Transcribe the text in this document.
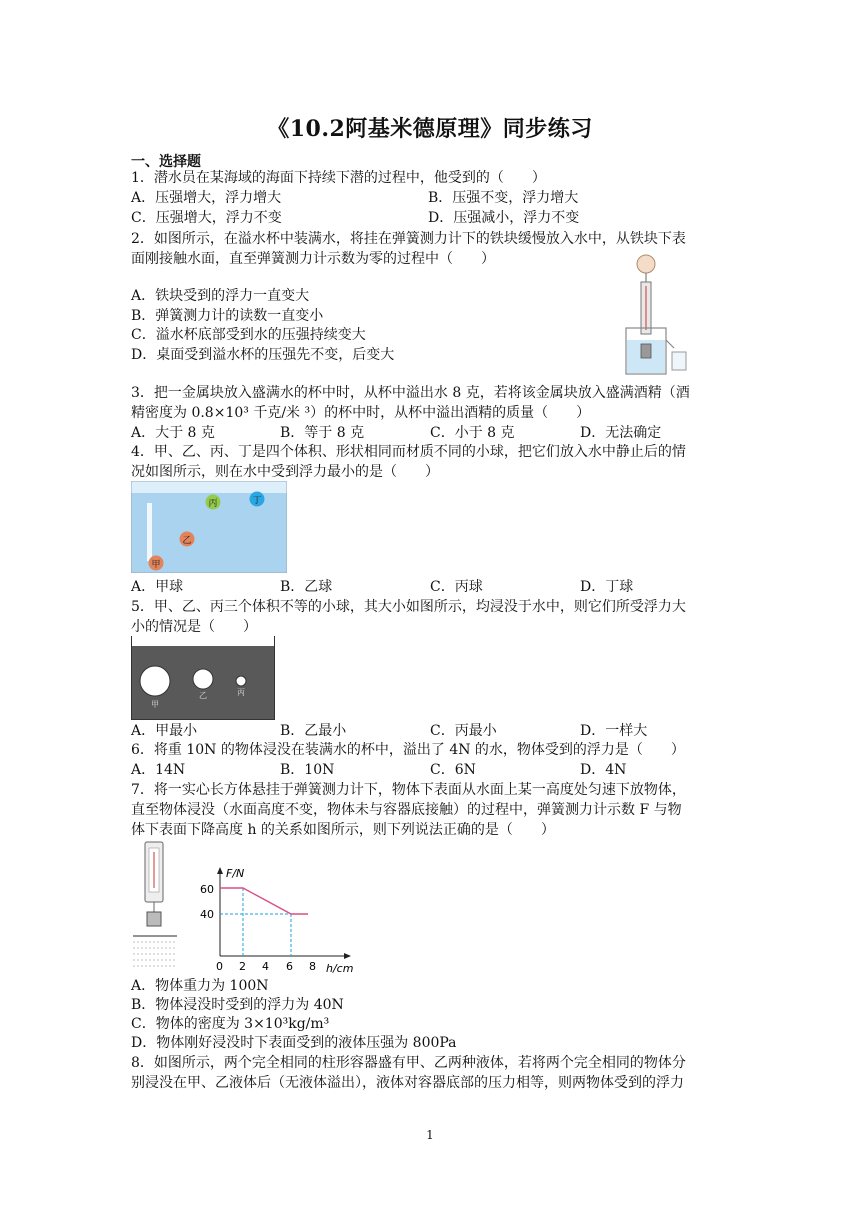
《10.2阿基米德原理》同步练习
一、选择题
1．潜水员在某海域的海面下持续下潜的过程中，他受到的（　　）
A．压强增大，浮力增大	B．压强不变，浮力增大
C．压强增大，浮力不变	D．压强减小，浮力不变
2．如图所示，在溢水杯中装满水，将挂在弹簧测力计下的铁块缓慢放入水中，从铁块下表
面刚接触水面，直至弹簧测力计示数为零的过程中（　　）
A．铁块受到的浮力一直变大
B．弹簧测力计的读数一直变小
C．溢水杯底部受到水的压强持续变大
D．桌面受到溢水杯的压强先不变，后变大
3．把一金属块放入盛满水的杯中时，从杯中溢出水 8 克，若将该金属块放入盛满酒精（酒
精密度为 0.8×10³ 千克/米 ³）的杯中时，从杯中溢出酒精的质量（　　）
A．大于 8 克	B．等于 8 克	C．小于 8 克	D．无法确定
4．甲、乙、丙、丁是四个体积、形状相同而材质不同的小球，把它们放入水中静止后的情
况如图所示，则在水中受到浮力最小的是（　　）
甲
乙
丙	丁
A．甲球	B．乙球	C．丙球	D．丁球
5．甲、乙、丙三个体积不等的小球，其大小如图所示，均浸没于水中，则它们所受浮力大
小的情况是（　　）
甲
乙	丙
A．甲最小	B．乙最小	C．丙最小	D．一样大
6．将重 10N 的物体浸没在装满水的杯中，溢出了 4N 的水，物体受到的浮力是（　　）
A．14N	B．10N	C．6N	D．4N
7．将一实心长方体悬挂于弹簧测力计下，物体下表面从水面上某一高度处匀速下放物体，
直至物体浸没（水面高度不变，物体未与容器底接触）的过程中，弹簧测力计示数 F 与物
体下表面下降高度 h 的关系如图所示，则下列说法正确的是（　　）
F/N
h/cm
60
40
0 2 4 6 8
A．物体重力为 100N
B．物体浸没时受到的浮力为 40N
C．物体的密度为 3×10³kg/m³
D．物体刚好浸没时下表面受到的液体压强为 800Pa
8．如图所示，两个完全相同的柱形容器盛有甲、乙两种液体，若将两个完全相同的物体分
别浸没在甲、乙液体后（无液体溢出），液体对容器底部的压力相等，则两物体受到的浮力
1
